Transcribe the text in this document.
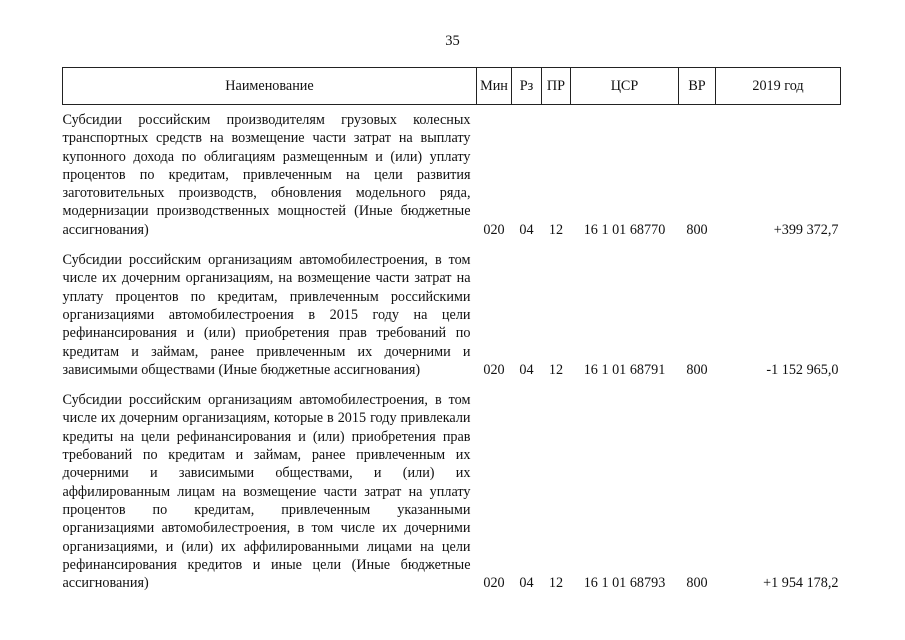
35
Наименование	Мин	Рз	ПР	ЦСР	ВР	2019 год
Субсидии российским производителям грузовых колесных транспортных средств на возмещение части затрат на выплату купонного дохода по облигациям размещенным и (или) уплату процентов по кредитам, привлеченным на цели развития заготовительных производств, обновления модельного ряда, модернизации производственных мощностей (Иные бюджетные ассигнования)	020	04	12	16 1 01 68770	800	+399 372,7
Субсидии российским организациям автомобилестроения, в том числе их дочерним организациям, на возмещение части затрат на уплату процентов по кредитам, привлеченным российскими организациями автомобилестроения в 2015 году на цели рефинансирования и (или) приобретения прав требований по кредитам и займам, ранее привлеченным их дочерними и зависимыми обществами (Иные бюджетные ассигнования)	020	04	12	16 1 01 68791	800	-1 152 965,0
Субсидии российским организациям автомобилестроения, в том числе их дочерним организациям, которые в 2015 году привлекали кредиты на цели рефинансирования и (или) приобретения прав требований по кредитам и займам, ранее привлеченным их дочерними и зависимыми обществами, и (или) их аффилированным лицам на возмещение части затрат на уплату процентов по кредитам, привлеченным указанными организациями автомобилестроения, в том числе их дочерними организациями, и (или) их аффилированными лицами на цели рефинансирования кредитов и иные цели (Иные бюджетные ассигнования)	020	04	12	16 1 01 68793	800	+1 954 178,2
